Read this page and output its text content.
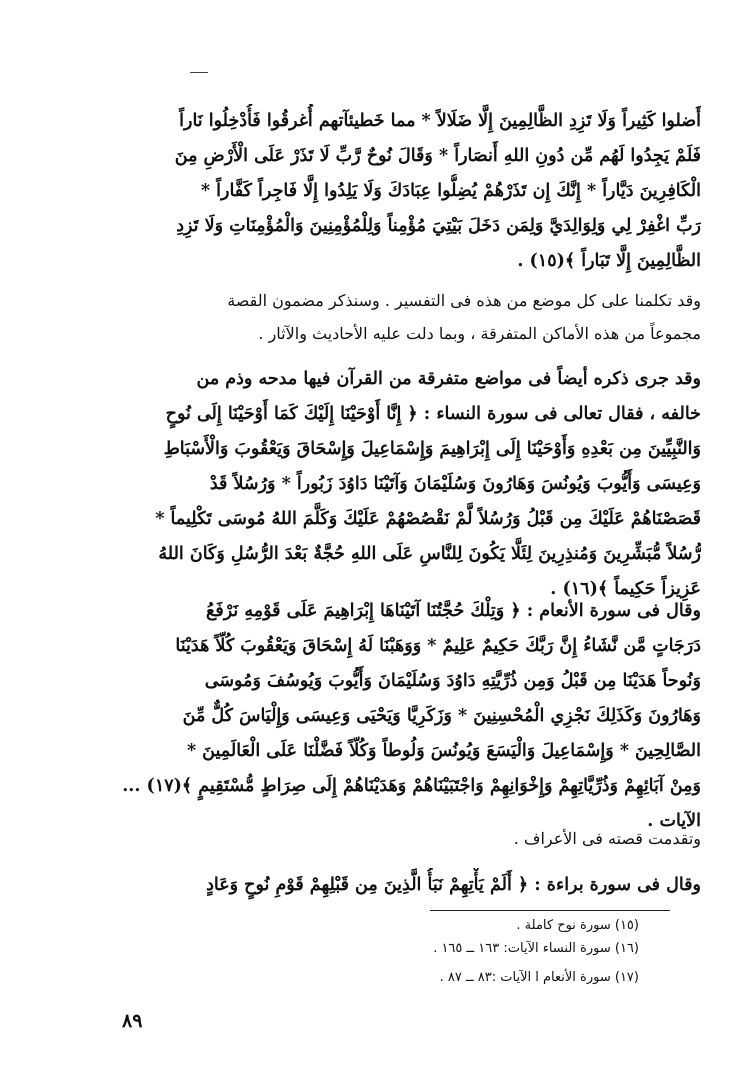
أَضلوا كَثِيراً وَلَا تَزِدِ الظَّالِمِينَ إِلَّا ضَلَالاً * مما خَطيئآتهم أُغرقُوا فَأُدْخِلُوا نَاراً
فَلَمْ يَجِدُوا لَهُم مِّن دُونِ اللهِ أَنصَاراً * وَقَالَ نُوحٌ رَّبِّ لَا تَذَرْ عَلَى الْأَرْضِ مِنَ
الْكَافِرِينَ دَيَّاراً * إِنَّكَ إِن تَذَرْهُمْ يُضِلُّوا عِبَادَكَ وَلَا يَلِدُوا إِلَّا فَاجِراً كَفَّاراً *
رَبِّ اغْفِرْ لِي وَلِوَالِدَيَّ وَلِمَن دَخَلَ بَيْتِيَ مُؤْمِناً وَلِلْمُؤْمِنِينَ وَالْمُؤْمِنَاتِ وَلَا تَزِدِ
الظَّالِمِينَ إِلَّا تَبَاراً ﴾(١٥) .
وقد تكلمنا على كل موضع من هذه فى التفسير . وسنذكر مضمون القصة
مجموعاً من هذه الأماكن المتفرقة ، وبما دلت عليه الأحاديث والآثار .
وقد جرى ذكره أيضاً فى مواضع متفرقة من القرآن فيها مدحه وذم من
خالفه ، فقال تعالى فى سورة النساء : ﴿ إِنَّا أَوْحَيْنَا إِلَيْكَ كَمَا أَوْحَيْنَا إِلَى نُوحٍ
وَالنَّبِيِّينَ مِن بَعْدِهِ وَأَوْحَيْنَا إِلَى إِبْرَاهِيمَ وَإِسْمَاعِيلَ وَإِسْحَاقَ وَيَعْقُوبَ وَالْأَسْبَاطِ
وَعِيسَى وَأَيُّوبَ وَيُونُسَ وَهَارُونَ وَسُلَيْمَانَ وَآتَيْنَا دَاوُدَ زَبُوراً * وَرُسُلاً قَدْ
قَصَصْنَاهُمْ عَلَيْكَ مِن قَبْلُ وَرُسُلاً لَّمْ نَقْصُصْهُمْ عَلَيْكَ وَكَلَّمَ اللهُ مُوسَى تَكْلِيماً *
رُّسُلاً مُّبَشِّرِينَ وَمُنذِرِينَ لِئَلَّا يَكُونَ لِلنَّاسِ عَلَى اللهِ حُجَّةٌ بَعْدَ الرُّسُلِ وَكَانَ اللهُ
عَزِيزاً حَكِيماً ﴾(١٦) .
وقال فى سورة الأنعام : ﴿ وَتِلْكَ حُجَّتُنَا آتَيْنَاهَا إِبْرَاهِيمَ عَلَى قَوْمِهِ نَرْفَعُ
دَرَجَاتٍ مَّن نَّشَاءُ إِنَّ رَبَّكَ حَكِيمٌ عَلِيمٌ * وَوَهَبْنَا لَهُ إِسْحَاقَ وَيَعْقُوبَ كُلّاً هَدَيْنَا
وَنُوحاً هَدَيْنَا مِن قَبْلُ وَمِن ذُرِّيَّتِهِ دَاوُدَ وَسُلَيْمَانَ وَأَيُّوبَ وَيُوسُفَ وَمُوسَى
وَهَارُونَ وَكَذَلِكَ نَجْزِي الْمُحْسِنِينَ * وَزَكَرِيَّا وَيَحْيَى وَعِيسَى وَإِلْيَاسَ كُلٌّ مِّنَ
الصَّالِحِينَ * وَإِسْمَاعِيلَ وَالْيَسَعَ وَيُونُسَ وَلُوطاً وَكُلّاً فَضَّلْنَا عَلَى الْعَالَمِينَ *
وَمِنْ آبَائِهِمْ وَذُرِّيَّاتِهِمْ وَإِخْوَانِهِمْ وَاجْتَبَيْنَاهُمْ وَهَدَيْنَاهُمْ إِلَى صِرَاطٍ مُّسْتَقِيمٍ ﴾(١٧) ...
الآيات .
وتقدمت قصته فى الأعراف .
وقال فى سورة براءة : ﴿ أَلَمْ يَأْتِهِمْ نَبَأُ الَّذِينَ مِن قَبْلِهِمْ قَوْمِ نُوحٍ وَعَادٍ

(١٥) سورة نوح كاملة .

(١٦) سورة النساء الآيات: ١٦٣ ــ ١٦٥ .

(١٧) سورة الأنعام ا الآيات :٨٣ ــ ٨٧ .

٨٩
